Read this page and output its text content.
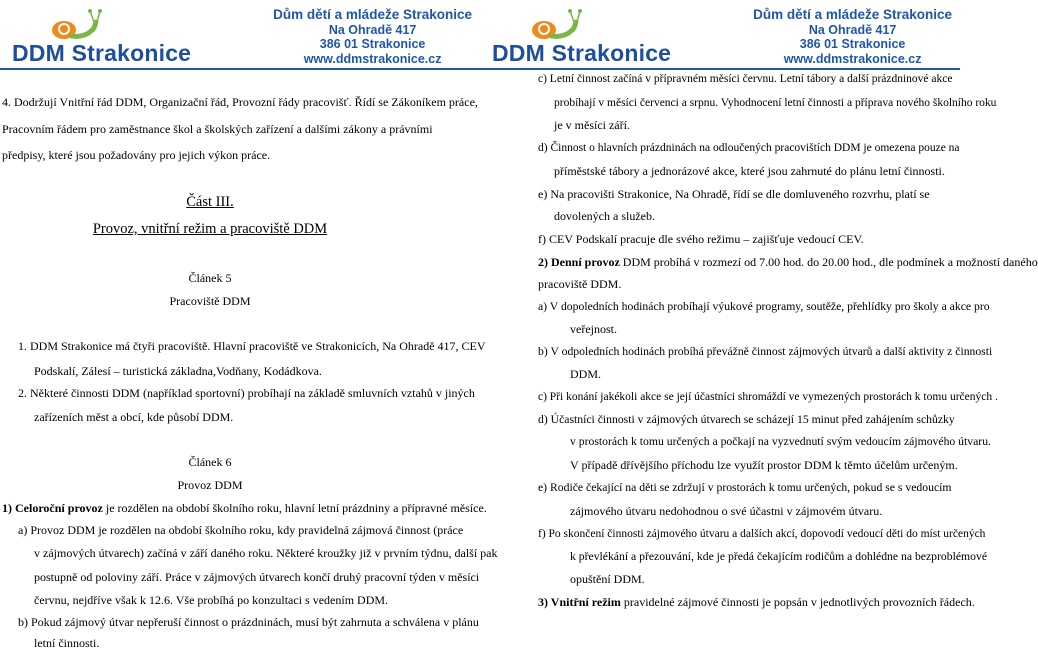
DDM Strakonice
Dům dětí a mládeže Strakonice
Na Ohradě 417
386 01 Strakonice
www.ddmstrakonice.cz
4. Dodržují Vnitřní řád DDM, Organizační řád, Provozní řády pracovišť. Řídí se Zákoníkem práce,
Pracovním řádem pro zaměstnance škol a školských zařízení a dalšími zákony a právními
předpisy, které jsou požadovány pro jejich výkon práce.
Část III.
Provoz, vnitřní režim a pracoviště DDM
Článek 5
Pracoviště DDM
1. DDM Strakonice má čtyři pracoviště. Hlavní pracoviště ve Strakonicích, Na Ohradě 417, CEV
Podskalí, Zálesí – turistická základna,Vodňany, Kodádkova.
2. Některé činnosti DDM (například sportovní) probíhají na základě smluvních vztahů v jiných
zařízeních měst a obcí, kde působí DDM.
Článek 6
Provoz DDM
1) Celoroční provoz je rozdělen na období školního roku, hlavní letní prázdniny a přípravné měsíce.
a) Provoz DDM je rozdělen na období školního roku, kdy pravidelná zájmová činnost (práce
v zájmových útvarech) začíná v září daného roku. Některé kroužky již v prvním týdnu, další pak
postupně od poloviny září. Práce v zájmových útvarech končí druhý pracovní týden v měsíci
červnu, nejdříve však k 12.6. Vše probíhá po konzultaci s vedením DDM.
b) Pokud zájmový útvar nepřeruší činnost o prázdninách, musí být zahrnuta a schválena v plánu
letní činnosti.
DDM Strakonice
Dům dětí a mládeže Strakonice
Na Ohradě 417
386 01 Strakonice
www.ddmstrakonice.cz
c) Letní činnost začíná v přípravném měsíci červnu. Letní tábory a další prázdninové akce
probíhají v měsíci červenci a srpnu. Vyhodnocení letní činnosti a příprava nového školního roku
je v měsíci září.
d) Činnost o hlavních prázdninách na odloučených pracovištích DDM je omezena pouze na
příměstské tábory a jednorázové akce, které jsou zahrnuté do plánu letní činnosti.
e) Na pracovišti Strakonice, Na Ohradě, řídí se dle domluveného rozvrhu, platí se
dovolených a služeb.
f) CEV Podskalí pracuje dle svého režimu – zajišťuje vedoucí CEV.
2) Denní provoz DDM probíhá v rozmezí od 7.00 hod. do 20.00 hod., dle podmínek a možností daného
pracoviště DDM.
a) V dopoledních hodinách probíhají výukové programy, soutěže, přehlídky pro školy a akce pro
veřejnost.
b) V odpoledních hodinách probíhá převážně činnost zájmových útvarů a další aktivity z činnosti
DDM.
c) Při konání jakékoli akce se její účastníci shromáždí ve vymezených prostorách k tomu určených .
d) Účastníci činnosti v zájmových útvarech se scházejí 15 minut před zahájením schůzky
v prostorách k tomu určených a počkají na vyzvednutí svým vedoucím zájmového útvaru.
V případě dřívějšího příchodu lze využít prostor DDM k těmto účelům určeným.
e) Rodiče čekající na děti se zdržují v prostorách k tomu určených, pokud se s vedoucím
zájmového útvaru nedohodnou o své účastni v zájmovém útvaru.
f) Po skončení činnosti zájmového útvaru a dalších akcí, dopovodí vedoucí děti do míst určených
k převlékání a přezouvání, kde je předá čekajícím rodičům a dohlédne na bezproblémové
opuštění DDM.
3) Vnitřní režim pravidelné zájmové činnosti je popsán v jednotlivých provozních řádech.
